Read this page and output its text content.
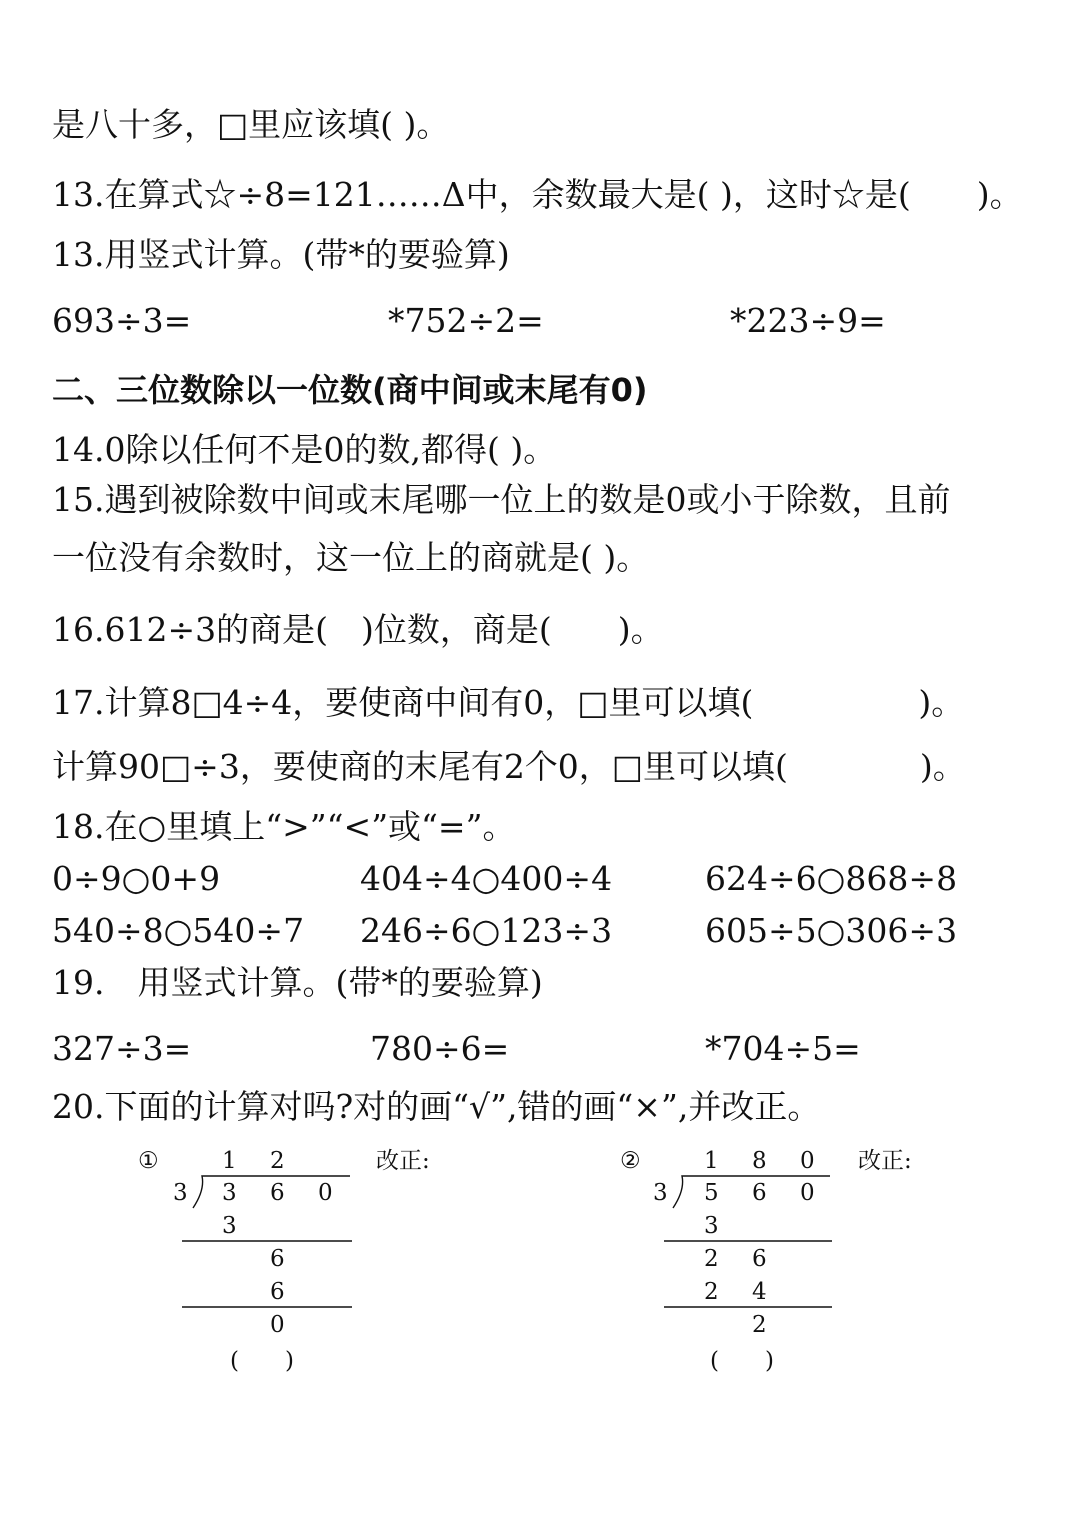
是八十多，□里应该填( )。
13.在算式☆÷8=121……Δ中，余数最大是( )，这时☆是(　　)。
13.用竖式计算。(带*的要验算)
693÷3=	*752÷2=	*223÷9=
二、三位数除以一位数(商中间或末尾有0)
14.0除以任何不是0的数,都得( )。
15.遇到被除数中间或末尾哪一位上的数是0或小于除数，且前
一位没有余数时，这一位上的商就是( )。
16.612÷3的商是(　)位数，商是(　　)。
17.计算8□4÷4，要使商中间有0，□里可以填(　　　　　)。
计算90□÷3，要使商的末尾有2个0，□里可以填(　　　　)。
18.在○里填上“>”“<”或“=”。
0÷9○0+9	404÷4○400÷4	624÷6○868÷8
540÷8○540÷7 246÷6○123÷3	605÷5○306÷3
19.　用竖式计算。(带*的要验算)
327÷3=	780÷6=	*704÷5=
20.下面的计算对吗?对的画“√”,错的画“×”,并改正。
①	改正:
3
1 2
3 6 0
3
6
6
0
(　　)
②	改正:
3
1 8 0
5 6 0
3
2 6
2 4
2
(　　)
